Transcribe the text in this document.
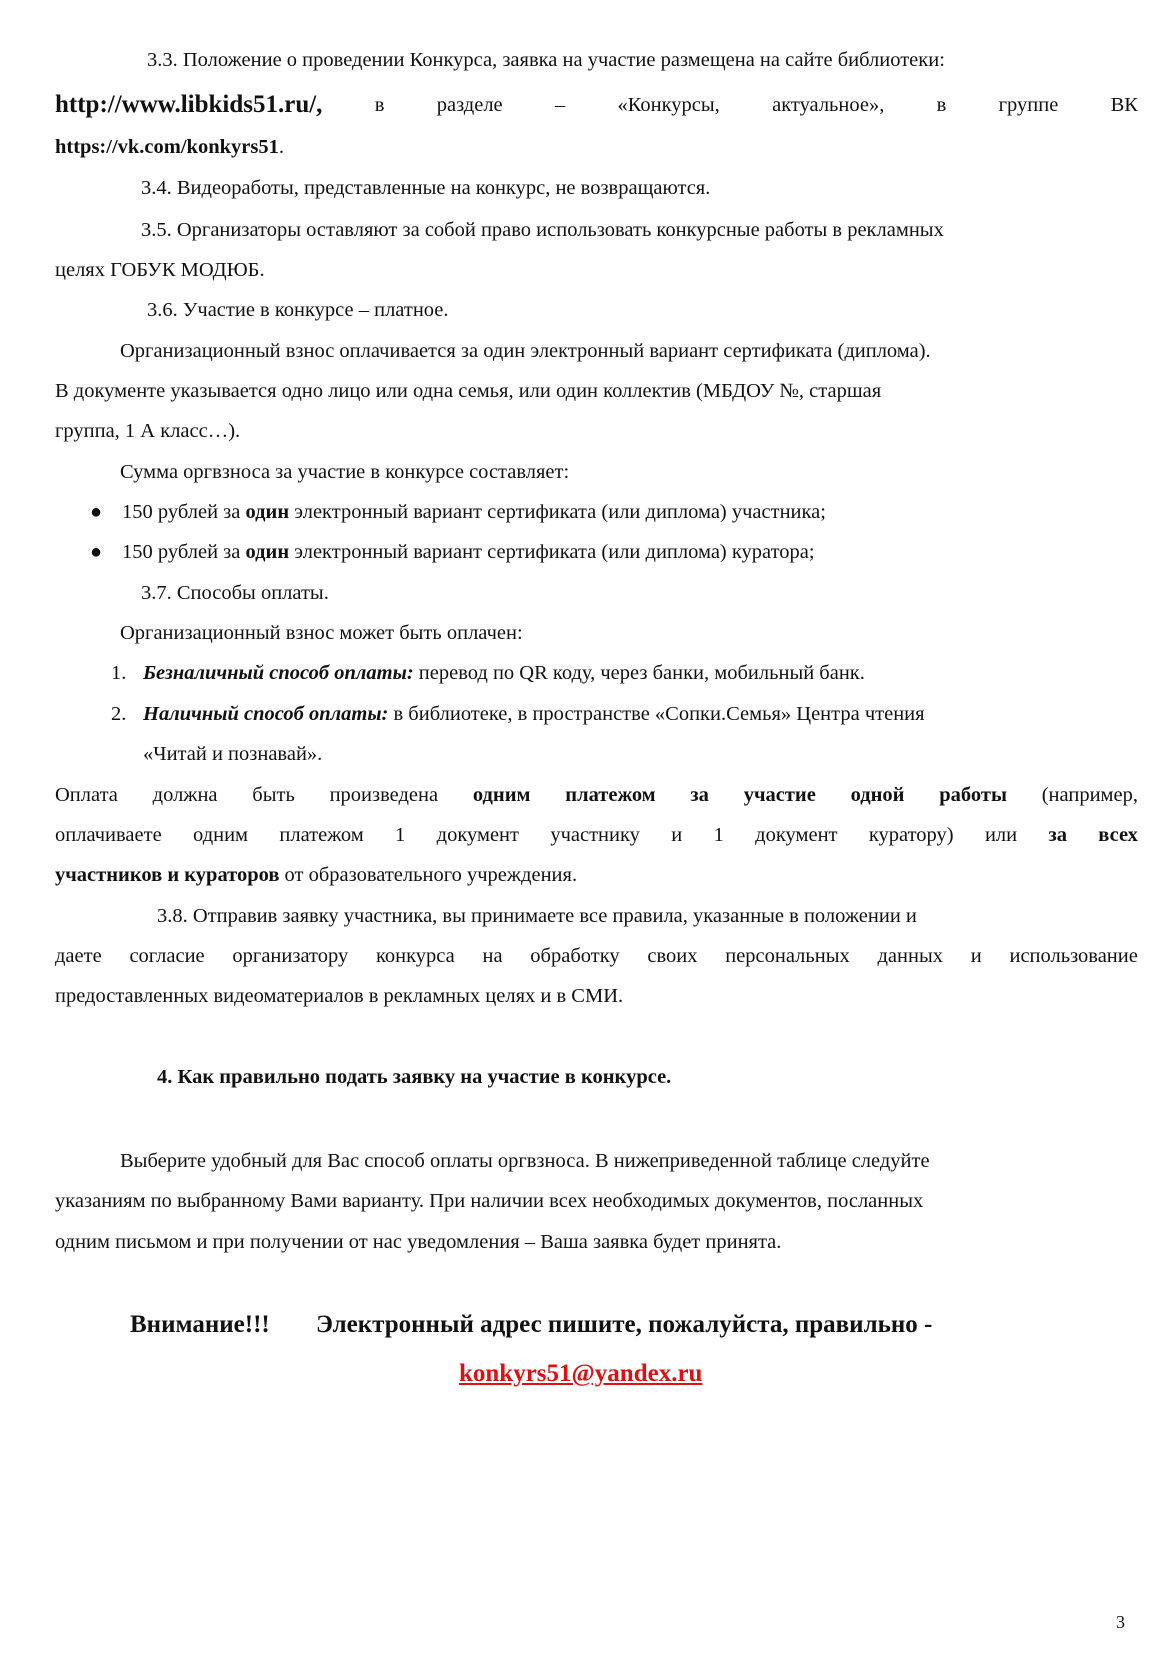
3.3. Положение о проведении Конкурса, заявка на участие размещена на сайте библиотеки:
http://www.libkids51.ru/,	в	разделе	–	«Конкурсы,	актуальное»,	в	группе	ВК
https://vk.com/konkyrs51.
3.4. Видеоработы, представленные на конкурс, не возвращаются.
3.5. Организаторы оставляют за собой право использовать конкурсные работы в рекламных
целях ГОБУК МОДЮБ.
3.6. Участие в конкурсе – платное.
Организационный взнос оплачивается за один электронный вариант сертификата (диплома).
В документе указывается одно лицо или одна семья, или один коллектив (МБДОУ №, старшая
группа, 1 А класс…).
Сумма оргвзноса за участие в конкурсе составляет:
● 150 рублей за один электронный вариант сертификата (или диплома) участника;
● 150 рублей за один электронный вариант сертификата (или диплома) куратора;
3.7. Способы оплаты.
Организационный взнос может быть оплачен:
1. Безналичный способ оплаты: перевод по QR коду, через банки, мобильный банк.
2. Наличный способ оплаты: в библиотеке, в пространстве «Сопки.Семья» Центра чтения
«Читай и познавай».
Оплата должна быть произведена одним платежом за участие одной работы (например,
оплачиваете одним платежом 1 документ участнику и 1 документ куратору) или за всех
участников и кураторов от образовательного учреждения.
3.8. Отправив заявку участника, вы принимаете все правила, указанные в положении и
даете согласие организатору конкурса на обработку своих персональных данных и использование
предоставленных видеоматериалов в рекламных целях и в СМИ.
4. Как правильно подать заявку на участие в конкурсе.
Выберите удобный для Вас способ оплаты оргвзноса. В нижеприведенной таблице следуйте
указаниям по выбранному Вами варианту. При наличии всех необходимых документов, посланных
одним письмом и при получении от нас уведомления – Ваша заявка будет принята.
Внимание!!! Электронный адрес пишите, пожалуйста, правильно -
konkyrs51@yandex.ru
3
